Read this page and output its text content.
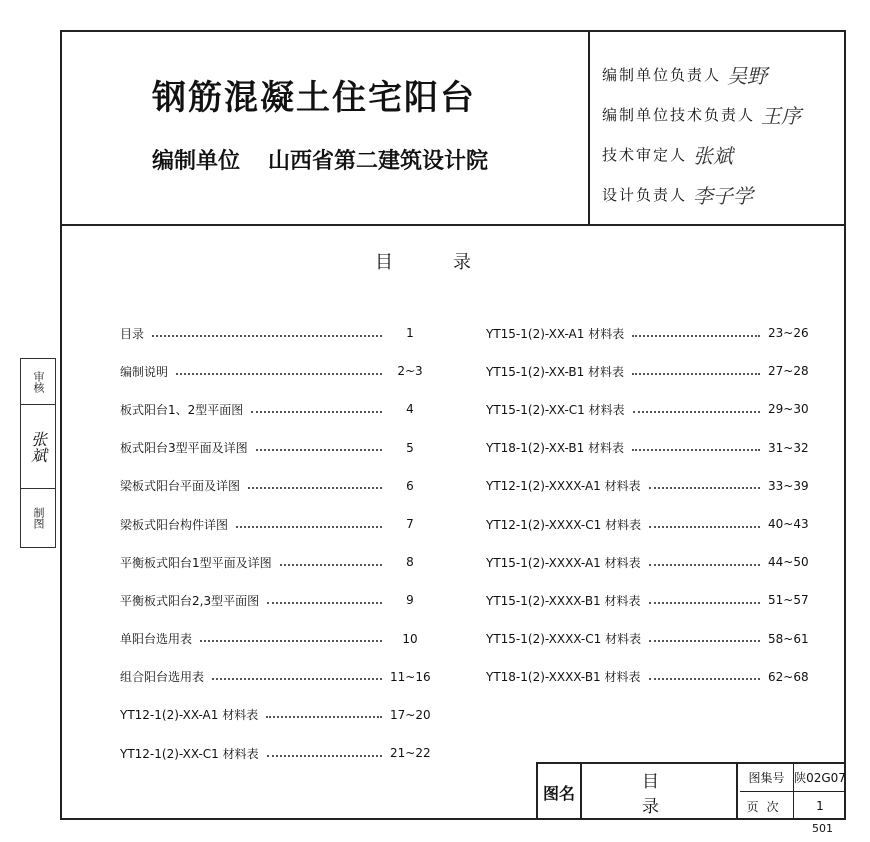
审核
张斌
制图
钢筋混凝土住宅阳台
编制单位 山西省第二建筑设计院
编制单位负责人 吴野
编制单位技术负责人 王序
技术审定人 张斌
设计负责人 李子学
目录
目录	1
编制说明	2~3
板式阳台1、2型平面图	4
板式阳台3型平面及详图	5
梁板式阳台平面及详图	6
梁板式阳台构件详图	7
平衡板式阳台1型平面及详图	8
平衡板式阳台2,3型平面图	9
单阳台选用表	10
组合阳台选用表	11~16
YT12-1(2)-XX-A1 材料表	17~20
YT12-1(2)-XX-C1 材料表	21~22
YT15-1(2)-XX-A1 材料表	23~26
YT15-1(2)-XX-B1 材料表	27~28
YT15-1(2)-XX-C1 材料表	29~30
YT18-1(2)-XX-B1 材料表	31~32
YT12-1(2)-XXXX-A1 材料表	33~39
YT12-1(2)-XXXX-C1 材料表	40~43
YT15-1(2)-XXXX-A1 材料表	44~50
YT15-1(2)-XXXX-B1 材料表	51~57
YT15-1(2)-XXXX-C1 材料表	58~61
YT18-1(2)-XXXX-B1 材料表	62~68
图名
目录
图集号 陕02G07
页次	1
501
